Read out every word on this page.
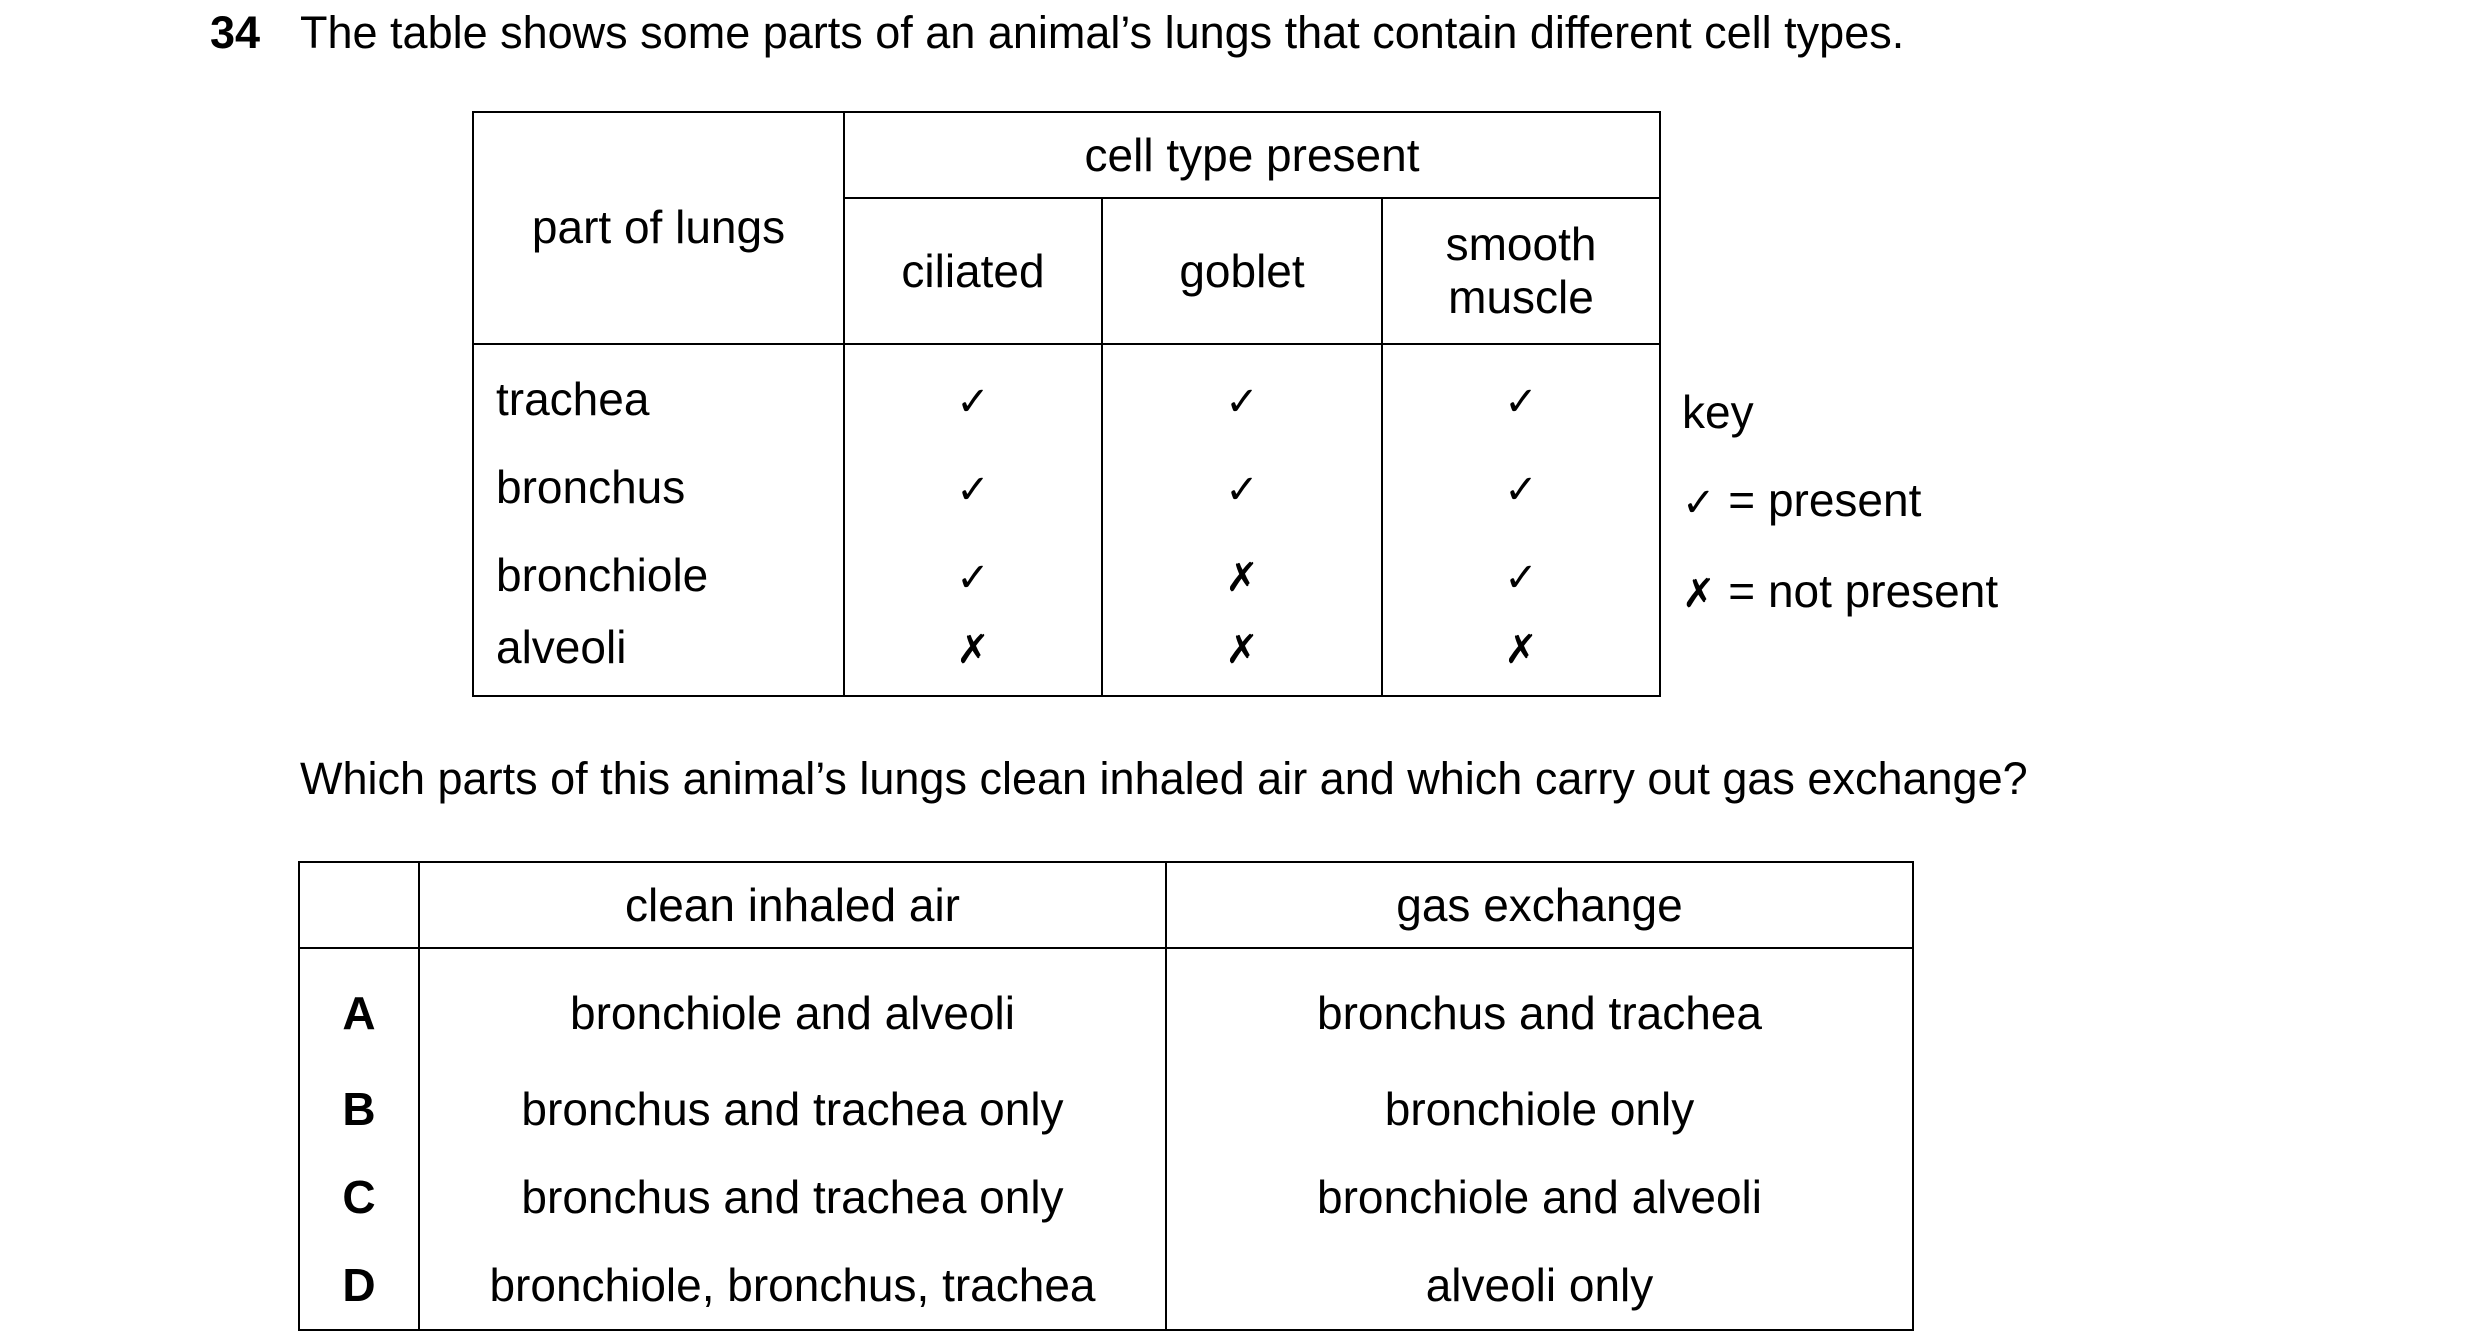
34 The table shows some parts of an animal’s lungs that contain different cell types.
part of lungs	cell type present		
	ciliated	goblet	smooth
muscle
trachea	✓	✓	✓
bronchus	✓	✓	✓
bronchiole	✓	✗	✓
alveoli	✗	✗	✗
key
✓ = present
✗ = not present
Which parts of this animal’s lungs clean inhaled air and which carry out gas exchange?
	clean inhaled air	gas exchange
A	bronchiole and alveoli	bronchus and trachea
B	bronchus and trachea only	bronchiole only
C	bronchus and trachea only	bronchiole and alveoli
D	bronchiole, bronchus, trachea	alveoli only
